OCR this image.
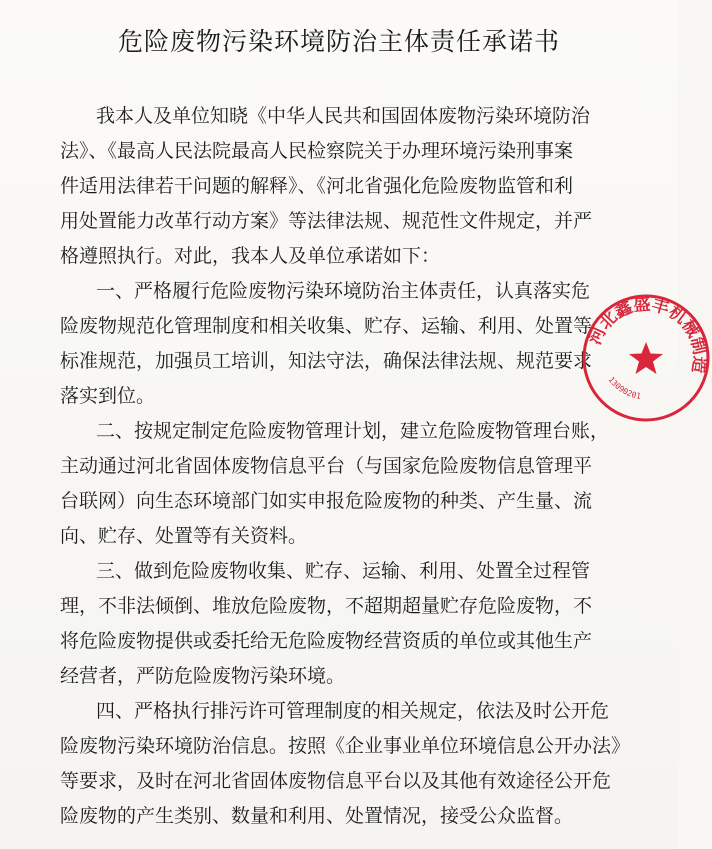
危险废物污染环境防治主体责任承诺书
我本人及单位知晓《中华人民共和国固体废物污染环境防治
法》、《最高人民法院最高人民检察院关于办理环境污染刑事案
件适用法律若干问题的解释》、《河北省强化危险废物监管和利
用处置能力改革行动方案》等法律法规、规范性文件规定，并严
格遵照执行。对此，我本人及单位承诺如下：
一、严格履行危险废物污染环境防治主体责任，认真落实危
险废物规范化管理制度和相关收集、贮存、运输、利用、处置等
标准规范，加强员工培训，知法守法，确保法律法规、规范要求
落实到位。
二、按规定制定危险废物管理计划，建立危险废物管理台账，
主动通过河北省固体废物信息平台（与国家危险废物信息管理平
台联网）向生态环境部门如实申报危险废物的种类、产生量、流
向、贮存、处置等有关资料。
三、做到危险废物收集、贮存、运输、利用、处置全过程管
理，不非法倾倒、堆放危险废物，不超期超量贮存危险废物，不
将危险废物提供或委托给无危险废物经营资质的单位或其他生产
经营者，严防危险废物污染环境。
四、严格执行排污许可管理制度的相关规定，依法及时公开危
险废物污染环境防治信息。按照《企业事业单位环境信息公开办法》
等要求，及时在河北省固体废物信息平台以及其他有效途径公开危
险废物的产生类别、数量和利用、处置情况，接受公众监督。
河北鑫盛丰机械制造
13090201
